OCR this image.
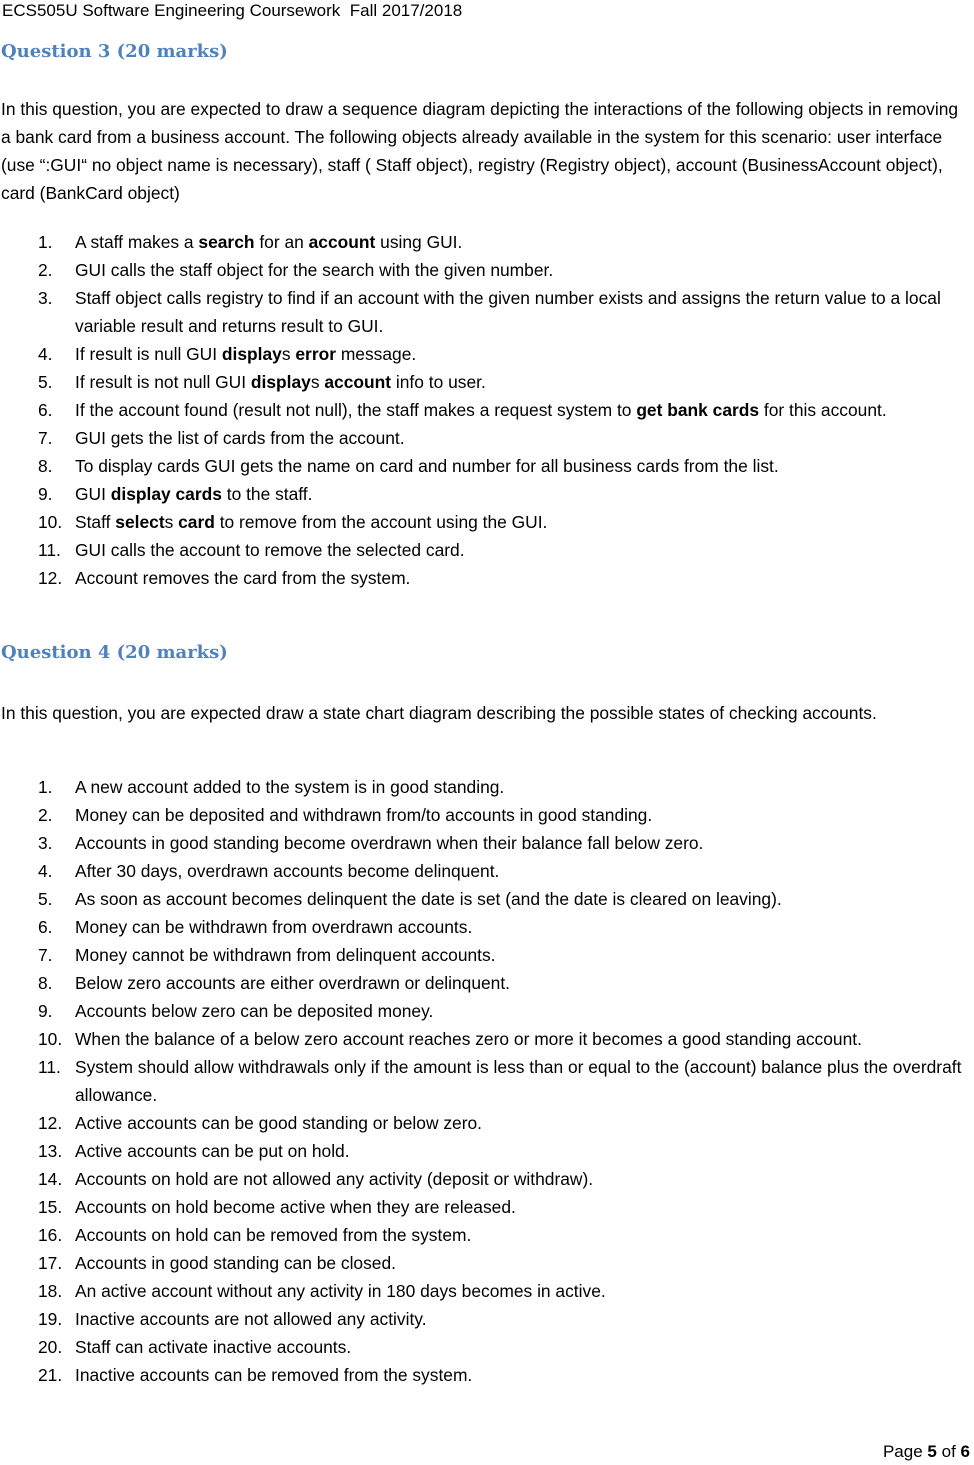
ECS505U Software Engineering Coursework Fall 2017/2018
Question 3 (20 marks)
In this question, you are expected to draw a sequence diagram depicting the interactions of the following objects in removing a bank card from a business account. The following objects already available in the system for this scenario: user interface (use “:GUI“ no object name is necessary), staff ( Staff object), registry (Registry object), account (BusinessAccount object), card (BankCard object)
1. A staff makes a search for an account using GUI.
2. GUI calls the staff object for the search with the given number.
3. Staff object calls registry to find if an account with the given number exists and assigns the return value to a local variable result and returns result to GUI.
4. If result is null GUI displays error message.
5. If result is not null GUI displays account info to user.
6. If the account found (result not null), the staff makes a request system to get bank cards for this account.
7. GUI gets the list of cards from the account.
8. To display cards GUI gets the name on card and number for all business cards from the list.
9. GUI display cards to the staff.
10. Staff selects card to remove from the account using the GUI.
11. GUI calls the account to remove the selected card.
12. Account removes the card from the system.
Question 4 (20 marks)
In this question, you are expected draw a state chart diagram describing the possible states of checking accounts.
1. A new account added to the system is in good standing.
2. Money can be deposited and withdrawn from/to accounts in good standing.
3. Accounts in good standing become overdrawn when their balance fall below zero.
4. After 30 days, overdrawn accounts become delinquent.
5. As soon as account becomes delinquent the date is set (and the date is cleared on leaving).
6. Money can be withdrawn from overdrawn accounts.
7. Money cannot be withdrawn from delinquent accounts.
8. Below zero accounts are either overdrawn or delinquent.
9. Accounts below zero can be deposited money.
10. When the balance of a below zero account reaches zero or more it becomes a good standing account.
11. System should allow withdrawals only if the amount is less than or equal to the (account) balance plus the overdraft allowance.
12. Active accounts can be good standing or below zero.
13. Active accounts can be put on hold.
14. Accounts on hold are not allowed any activity (deposit or withdraw).
15. Accounts on hold become active when they are released.
16. Accounts on hold can be removed from the system.
17. Accounts in good standing can be closed.
18. An active account without any activity in 180 days becomes in active.
19. Inactive accounts are not allowed any activity.
20. Staff can activate inactive accounts.
21. Inactive accounts can be removed from the system.
Page 5 of 6
